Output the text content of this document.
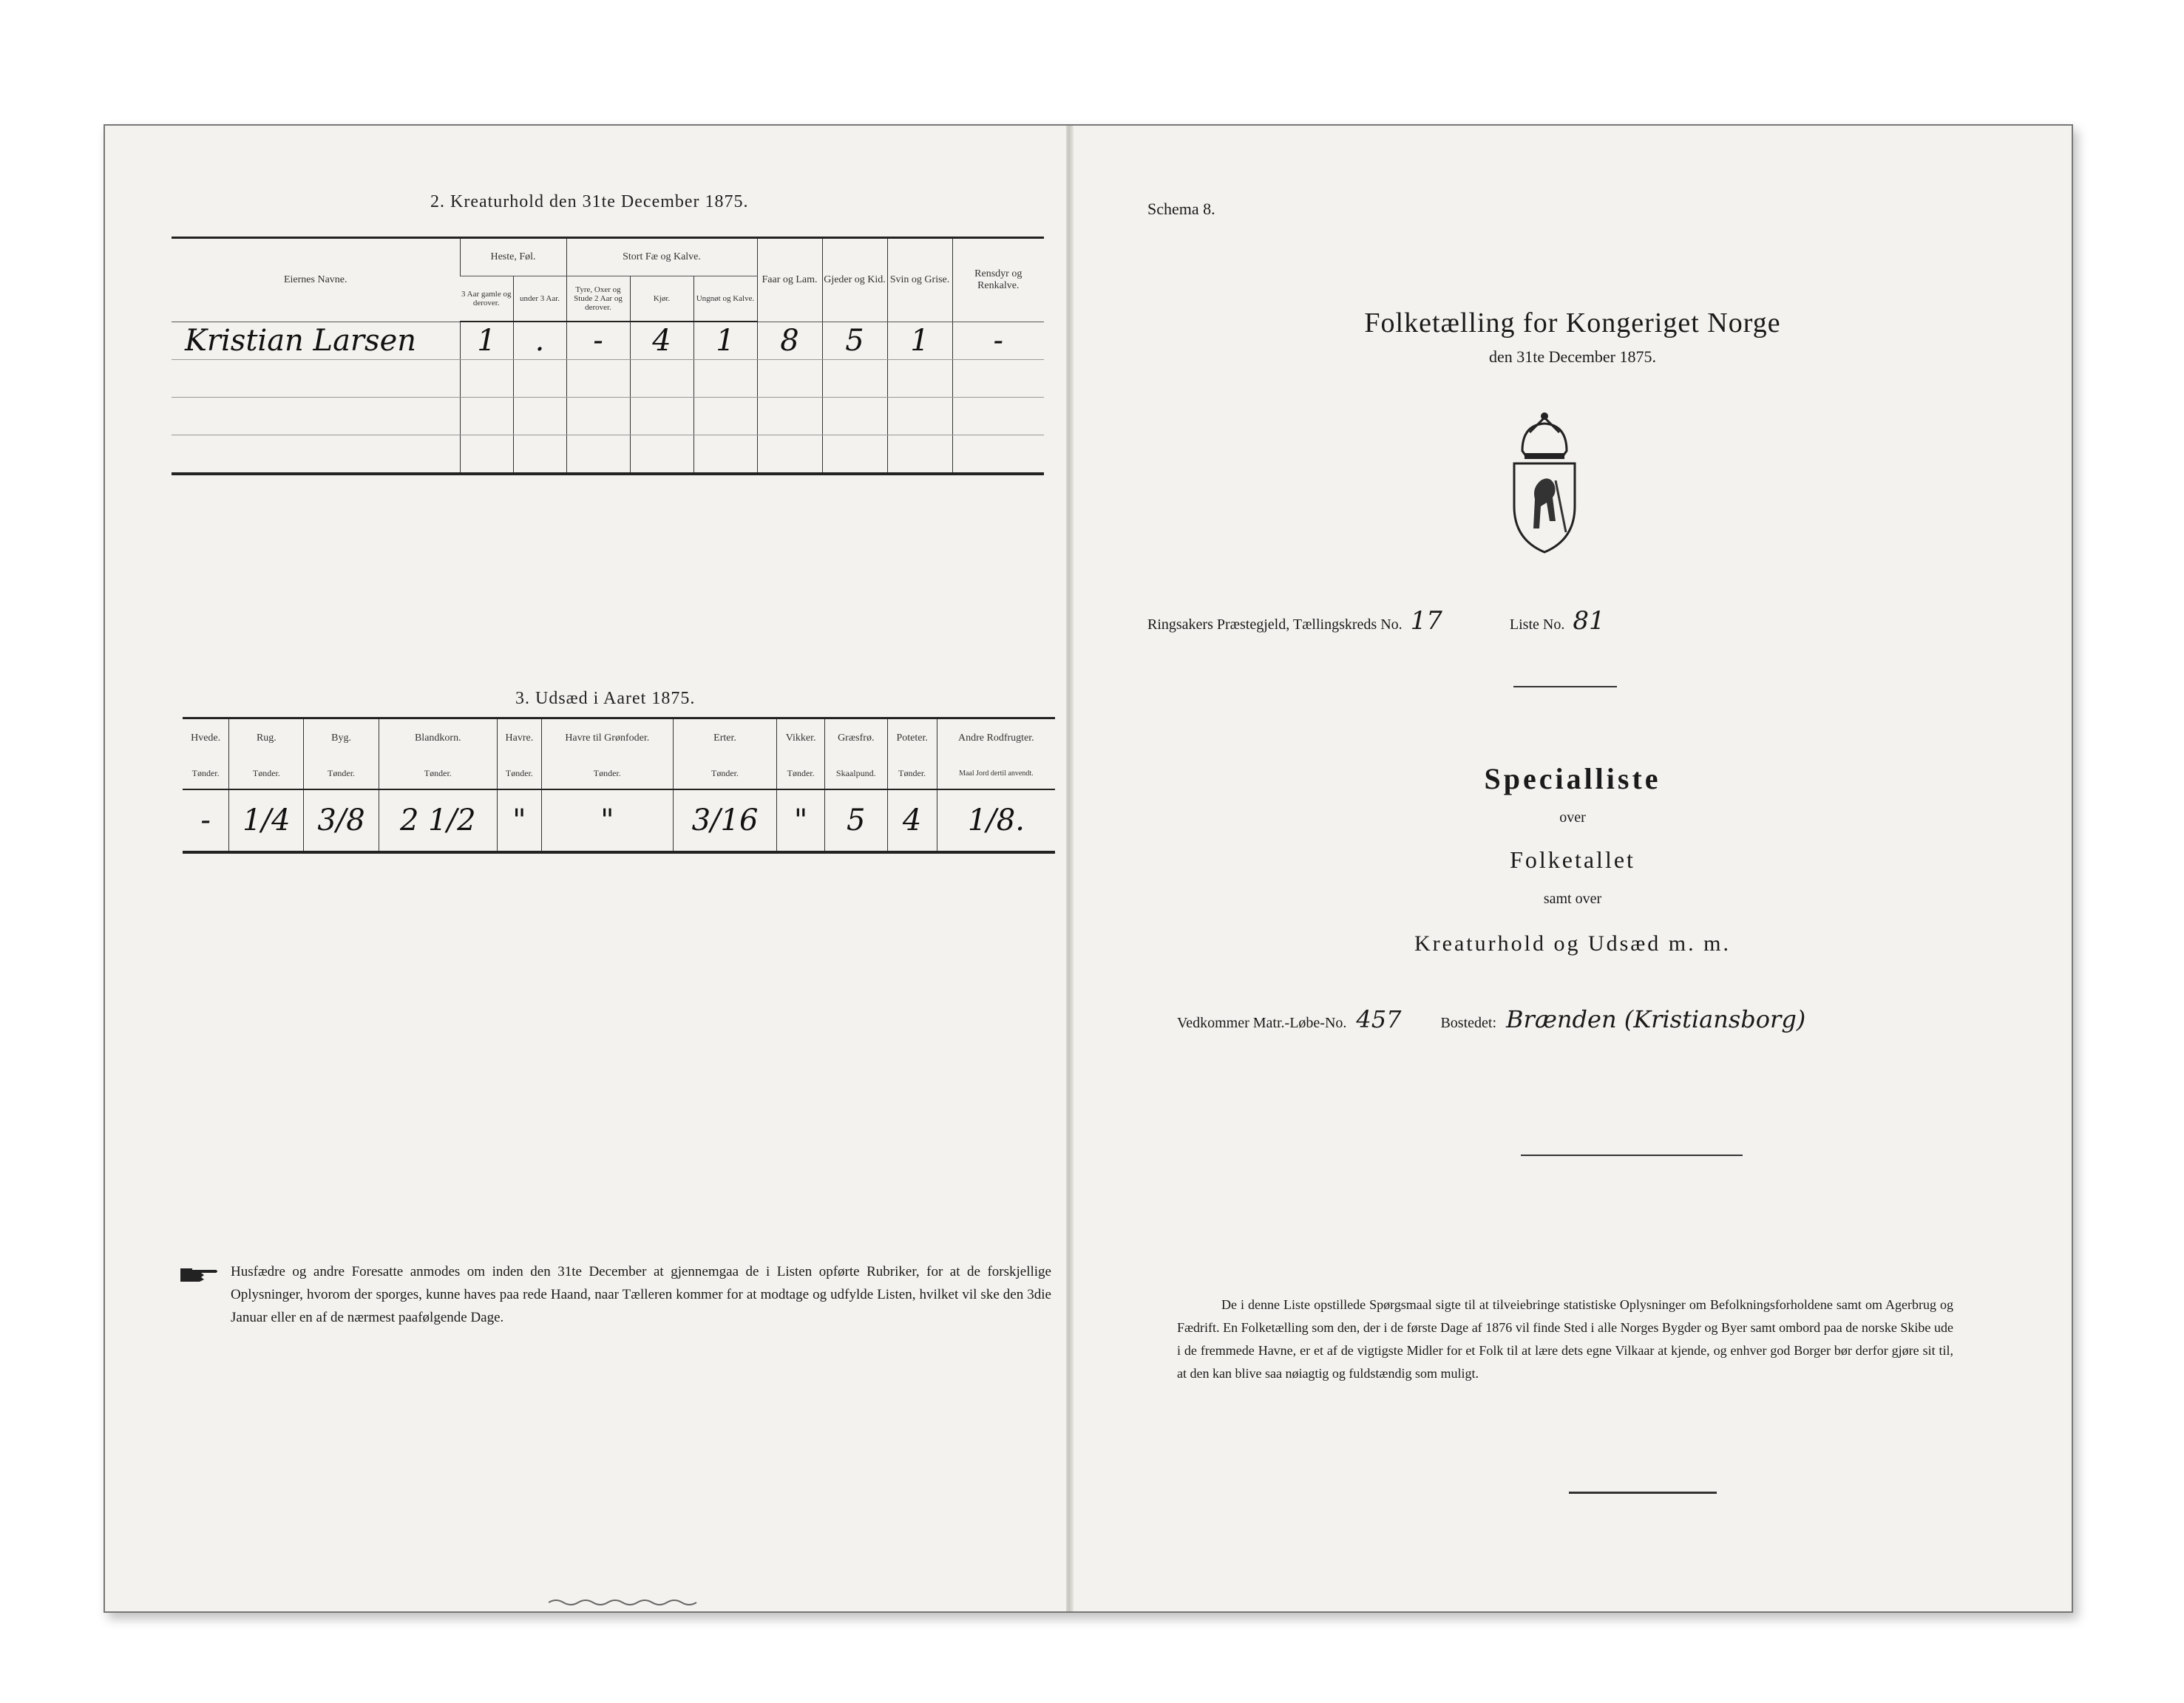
2. Kreaturhold den 31te December 1875.
Eiernes Navne.	Heste, Føl.		Stort Fæ og Kalve.			Faar og Lam.	Gjeder og Kid.	Svin og Grise.	Rensdyr og Renkalve.
	3 Aar gamle og derover.	under 3 Aar.	Tyre, Oxer og Stude 2 Aar og derover.	Kjør.	Ungnøt og Kalve.				
Kristian Larsen	1	.	-	4	1	8	5	1	-

3. Udsæd i Aaret 1875.
Hvede.	Rug.	Byg.	Blandkorn.	Havre.	Havre til Grønfoder.	Erter.	Vikker.	Græsfrø.	Poteter.	Andre Rodfrugter.
Tønder.	Tønder.	Tønder.	Tønder.	Tønder.	Tønder.	Tønder.	Tønder.	Skaalpund.	Tønder.	Maal Jord dertil anvendt.
-	1/4	3/8	2 1/2	"	"	3/16	"	5	4	1/8.
Husfædre og andre Foresatte anmodes om inden den 31te December at gjennemgaa de i Listen opførte Rubriker, for at de forskjellige Oplysninger, hvorom der sporges, kunne haves paa rede Haand, naar Tælleren kommer for at modtage og udfylde Listen, hvilket vil ske den 3die Januar eller en af de nærmest paafølgende Dage.
Schema 8.
Folketælling for Kongeriget Norge
den 31te December 1875.
Ringsakers Præstegjeld, Tællingskreds No. 17	Liste No. 81
Specialliste
over
Folketallet
samt over
Kreaturhold og Udsæd m. m.
Vedkommer Matr.-Løbe-No. 457	Bostedet: Brænden (Kristiansborg)
De i denne Liste opstillede Spørgsmaal sigte til at tilveiebringe statistiske Oplysninger om Befolkningsforholdene samt om Agerbrug og Fædrift. En Folketælling som den, der i de første Dage af 1876 vil finde Sted i alle Norges Bygder og Byer samt ombord paa de norske Skibe ude i de fremmede Havne, er et af de vigtigste Midler for et Folk til at lære dets egne Vilkaar at kjende, og enhver god Borger bør derfor gjøre sit til, at den kan blive saa nøiagtig og fuldstændig som muligt.
